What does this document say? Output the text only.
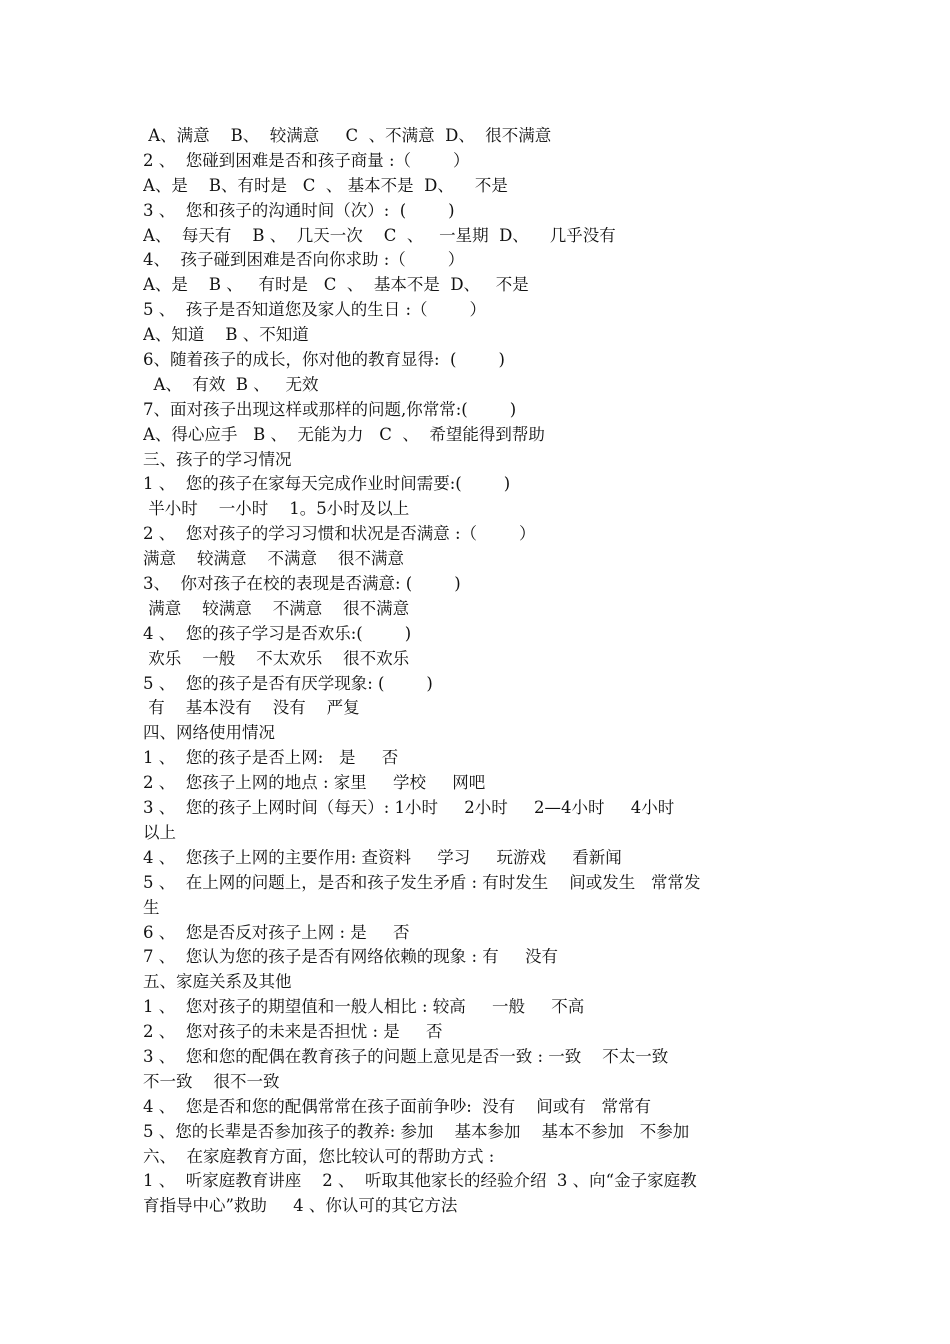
A、满意    B、  较满意     C  、不满意  D、  很不满意
2 、  您碰到困难是否和孩子商量 :（        ）
A、是    B、有时是   C  、 基本不是  D、    不是
3 、  您和孩子的沟通时间（次）:  (        )
A、  每天有    B 、  几天一次    C  、   一星期  D、    几乎没有
4、  孩子碰到困难是否向你求助 :（        ）
A、是    B 、   有时是   C  、  基本不是  D、   不是
5 、  孩子是否知道您及家人的生日 :（        ）
A、知道    B 、不知道
6、随着孩子的成长，你对他的教育显得:  (        )
A、  有效  B 、   无效
7、面对孩子出现这样或那样的问题,你常常:(        )
A、得心应手   B 、  无能为力   C  、  希望能得到帮助
三、孩子的学习情况
1 、  您的孩子在家每天完成作业时间需要:(        )
半小时    一小时    1。5小时及以上
2 、  您对孩子的学习习惯和状况是否满意 :（        ）
满意    较满意    不满意    很不满意
3、  你对孩子在校的表现是否满意: (        )
满意    较满意    不满意    很不满意
4 、  您的孩子学习是否欢乐:(        )
欢乐    一般    不太欢乐    很不欢乐
5 、  您的孩子是否有厌学现象: (        )
有    基本没有    没有    严复
四、网络使用情况
1 、  您的孩子是否上网:   是     否
2 、  您孩子上网的地点 : 家里     学校     网吧
3 、  您的孩子上网时间（每天）: 1小时     2小时     2—4小时     4小时
以上
4 、  您孩子上网的主要作用: 查资料     学习     玩游戏     看新闻
5 、  在上网的问题上，是否和孩子发生矛盾 : 有时发生    间或发生   常常发
生
6 、  您是否反对孩子上网 : 是     否
7 、  您认为您的孩子是否有网络依赖的现象 : 有     没有
五、家庭关系及其他
1 、  您对孩子的期望值和一般人相比 : 较高     一般     不高
2 、  您对孩子的未来是否担忧 : 是     否
3 、  您和您的配偶在教育孩子的问题上意见是否一致 : 一致    不太一致
不一致    很不一致
4 、  您是否和您的配偶常常在孩子面前争吵:  没有    间或有   常常有
5 、您的长辈是否参加孩子的教养: 参加    基本参加    基本不参加   不参加
六、  在家庭教育方面，您比较认可的帮助方式 :
1 、  听家庭教育讲座    2 、  听取其他家长的经验介绍  3 、向“金子家庭教
育指导中心”救助     4 、你认可的其它方法
